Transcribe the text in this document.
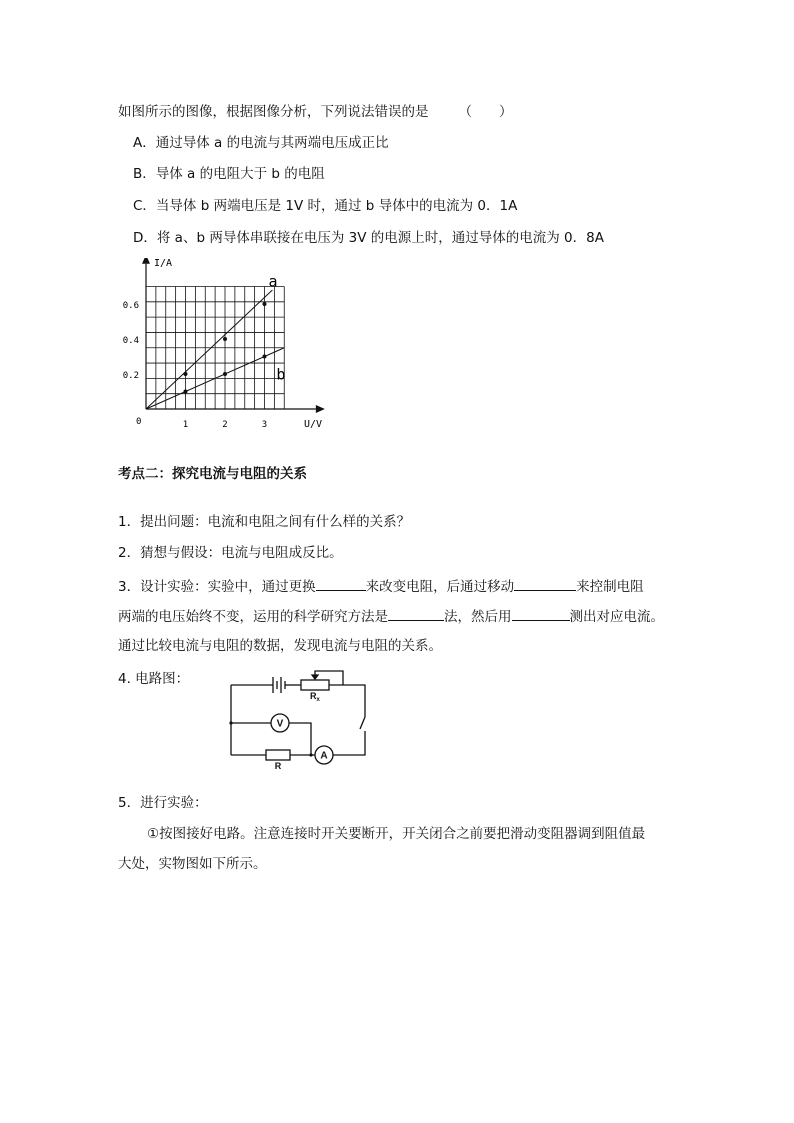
如图所示的图像，根据图像分析，下列说法错误的是 （　　）
A．通过导体 a 的电流与其两端电压成正比
B．导体 a 的电阻大于 b 的电阻
C．当导体 b 两端电压是 1V 时，通过 b 导体中的电流为 0．1A
D．将 a、b 两导体串联接在电压为 3V 的电源上时，通过导体的电流为 0．8A
I/A
U/V
0	1	2	3
0.2
0.4
0.6
a
b
考点二：探究电流与电阻的关系
1．提出问题：电流和电阻之间有什么样的关系？
2．猜想与假设：电流与电阻成反比。
3．设计实验：实验中，通过更换	来改变电阻，后通过移动	来控制电阻
两端的电压始终不变，运用的科学研究方法是	法，然后用	测出对应电流。
通过比较电流与电阻的数据，发现电流与电阻的关系。
4. 电路图：
$R_x$
V
A
R
5．进行实验：
①按图接好电路。注意连接时开关要断开，开关闭合之前要把滑动变阻器调到阻值最
大处，实物图如下所示。
